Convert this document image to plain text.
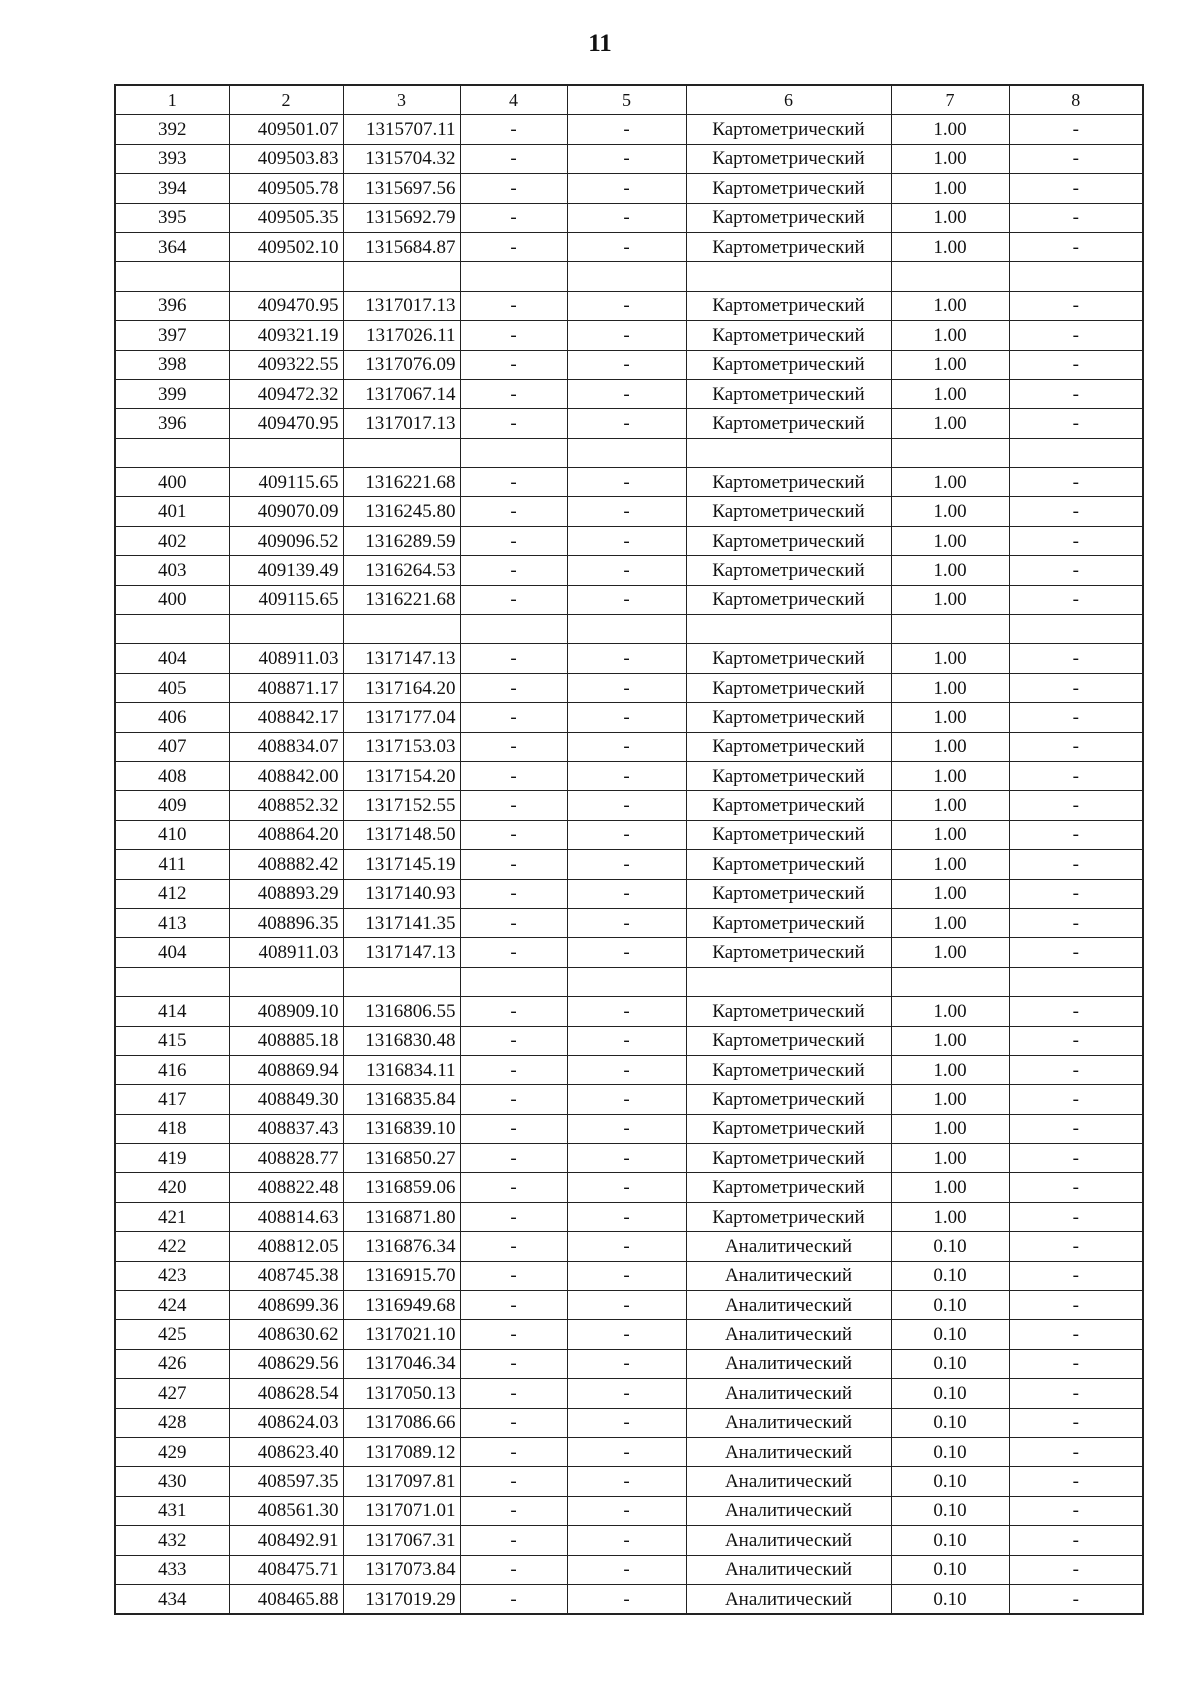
11
1	2	3	4	5	6	7	8
392	409501.07	1315707.11	-	-	Картометрический	1.00	-
393	409503.83	1315704.32	-	-	Картометрический	1.00	-
394	409505.78	1315697.56	-	-	Картометрический	1.00	-
395	409505.35	1315692.79	-	-	Картометрический	1.00	-
364	409502.10	1315684.87	-	-	Картометрический	1.00	-

396	409470.95	1317017.13	-	-	Картометрический	1.00	-
397	409321.19	1317026.11	-	-	Картометрический	1.00	-
398	409322.55	1317076.09	-	-	Картометрический	1.00	-
399	409472.32	1317067.14	-	-	Картометрический	1.00	-
396	409470.95	1317017.13	-	-	Картометрический	1.00	-

400	409115.65	1316221.68	-	-	Картометрический	1.00	-
401	409070.09	1316245.80	-	-	Картометрический	1.00	-
402	409096.52	1316289.59	-	-	Картометрический	1.00	-
403	409139.49	1316264.53	-	-	Картометрический	1.00	-
400	409115.65	1316221.68	-	-	Картометрический	1.00	-

404	408911.03	1317147.13	-	-	Картометрический	1.00	-
405	408871.17	1317164.20	-	-	Картометрический	1.00	-
406	408842.17	1317177.04	-	-	Картометрический	1.00	-
407	408834.07	1317153.03	-	-	Картометрический	1.00	-
408	408842.00	1317154.20	-	-	Картометрический	1.00	-
409	408852.32	1317152.55	-	-	Картометрический	1.00	-
410	408864.20	1317148.50	-	-	Картометрический	1.00	-
411	408882.42	1317145.19	-	-	Картометрический	1.00	-
412	408893.29	1317140.93	-	-	Картометрический	1.00	-
413	408896.35	1317141.35	-	-	Картометрический	1.00	-
404	408911.03	1317147.13	-	-	Картометрический	1.00	-

414	408909.10	1316806.55	-	-	Картометрический	1.00	-
415	408885.18	1316830.48	-	-	Картометрический	1.00	-
416	408869.94	1316834.11	-	-	Картометрический	1.00	-
417	408849.30	1316835.84	-	-	Картометрический	1.00	-
418	408837.43	1316839.10	-	-	Картометрический	1.00	-
419	408828.77	1316850.27	-	-	Картометрический	1.00	-
420	408822.48	1316859.06	-	-	Картометрический	1.00	-
421	408814.63	1316871.80	-	-	Картометрический	1.00	-
422	408812.05	1316876.34	-	-	Аналитический	0.10	-
423	408745.38	1316915.70	-	-	Аналитический	0.10	-
424	408699.36	1316949.68	-	-	Аналитический	0.10	-
425	408630.62	1317021.10	-	-	Аналитический	0.10	-
426	408629.56	1317046.34	-	-	Аналитический	0.10	-
427	408628.54	1317050.13	-	-	Аналитический	0.10	-
428	408624.03	1317086.66	-	-	Аналитический	0.10	-
429	408623.40	1317089.12	-	-	Аналитический	0.10	-
430	408597.35	1317097.81	-	-	Аналитический	0.10	-
431	408561.30	1317071.01	-	-	Аналитический	0.10	-
432	408492.91	1317067.31	-	-	Аналитический	0.10	-
433	408475.71	1317073.84	-	-	Аналитический	0.10	-
434	408465.88	1317019.29	-	-	Аналитический	0.10	-
